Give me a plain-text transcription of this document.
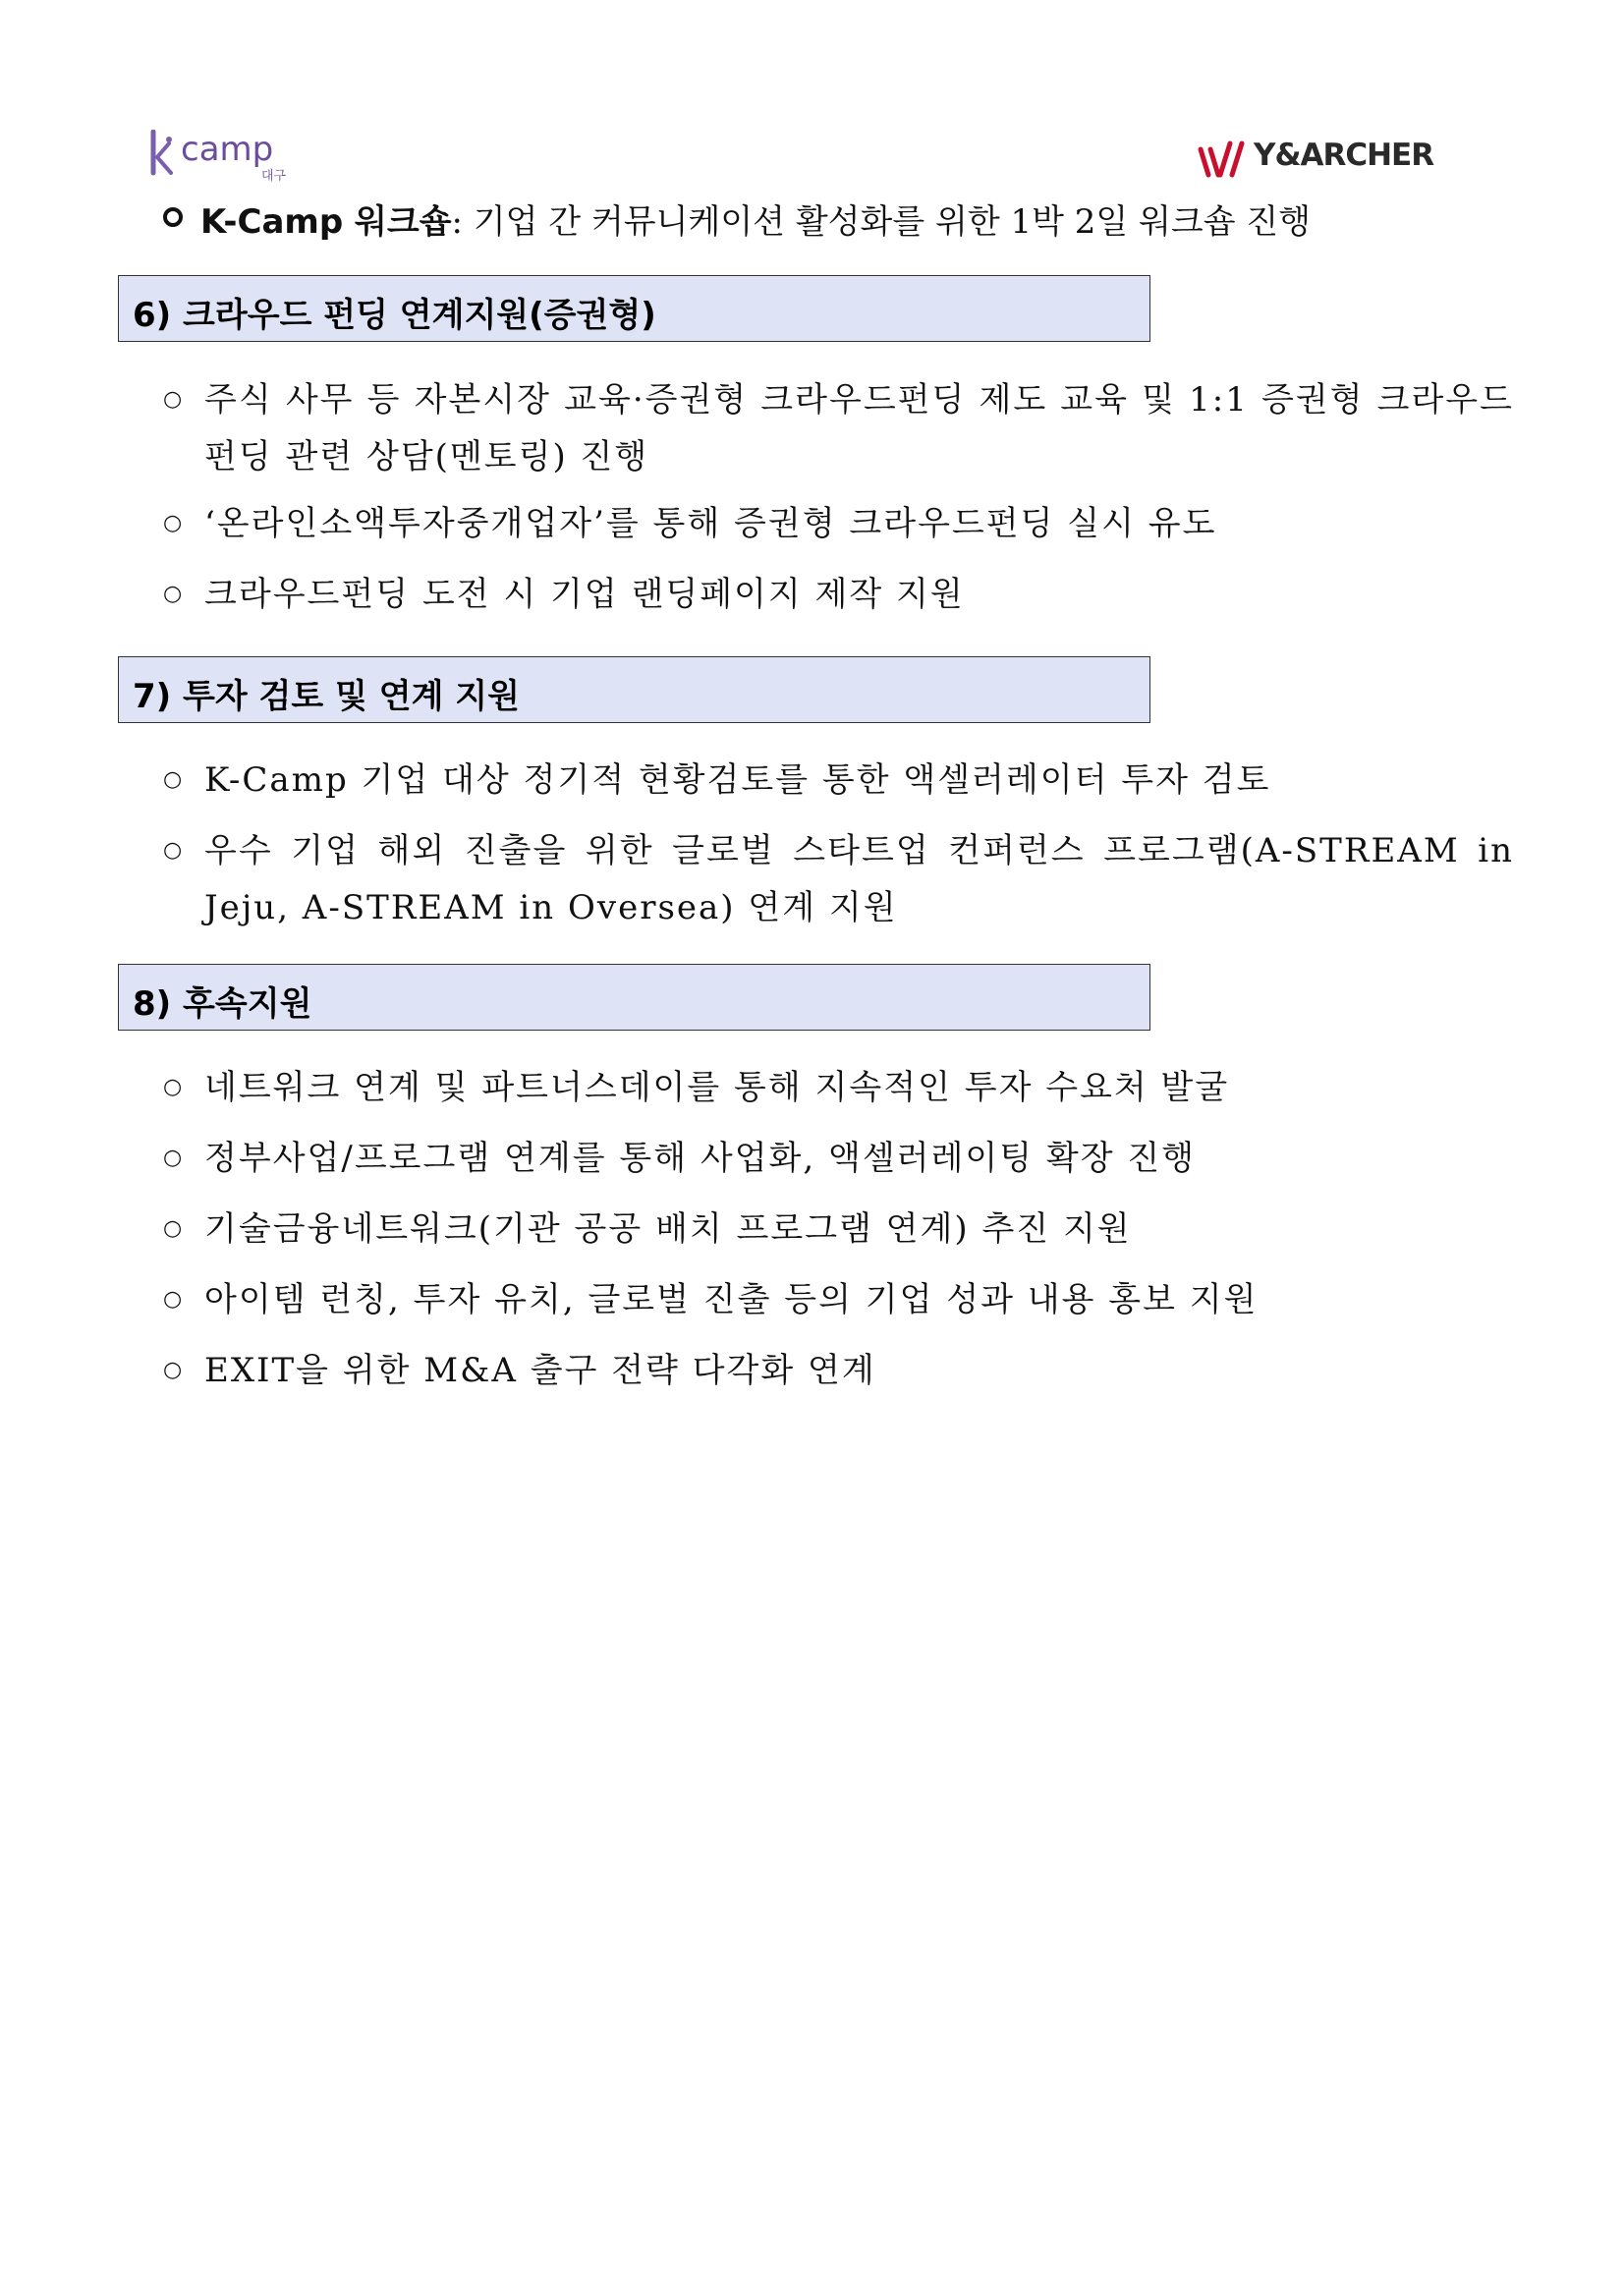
camp
대구
Y&ARCHER
K-Camp 워크숍: 기업 간 커뮤니케이션 활성화를 위한 1박 2일 워크숍 진행
6) 크라우드 펀딩 연계지원(증권형)
○ 주식 사무 등 자본시장 교육·증권형 크라우드펀딩 제도 교육 및 1:1 증권형 크라우드펀딩 관련 상담(멘토링) 진행
○ ‘온라인소액투자중개업자’를 통해 증권형 크라우드펀딩 실시 유도
○ 크라우드펀딩 도전 시 기업 랜딩페이지 제작 지원
7) 투자 검토 및 연계 지원
○ K-Camp 기업 대상 정기적 현황검토를 통한 액셀러레이터 투자 검토
○ 우수 기업 해외 진출을 위한 글로벌 스타트업 컨퍼런스 프로그램(A-STREAM in Jeju, A-STREAM in Oversea) 연계 지원
8) 후속지원
○ 네트워크 연계 및 파트너스데이를 통해 지속적인 투자 수요처 발굴
○ 정부사업/프로그램 연계를 통해 사업화, 액셀러레이팅 확장 진행
○ 기술금융네트워크(기관 공공 배치 프로그램 연계) 추진 지원
○ 아이템 런칭, 투자 유치, 글로벌 진출 등의 기업 성과 내용 홍보 지원
○ EXIT을 위한 M&A 출구 전략 다각화 연계
